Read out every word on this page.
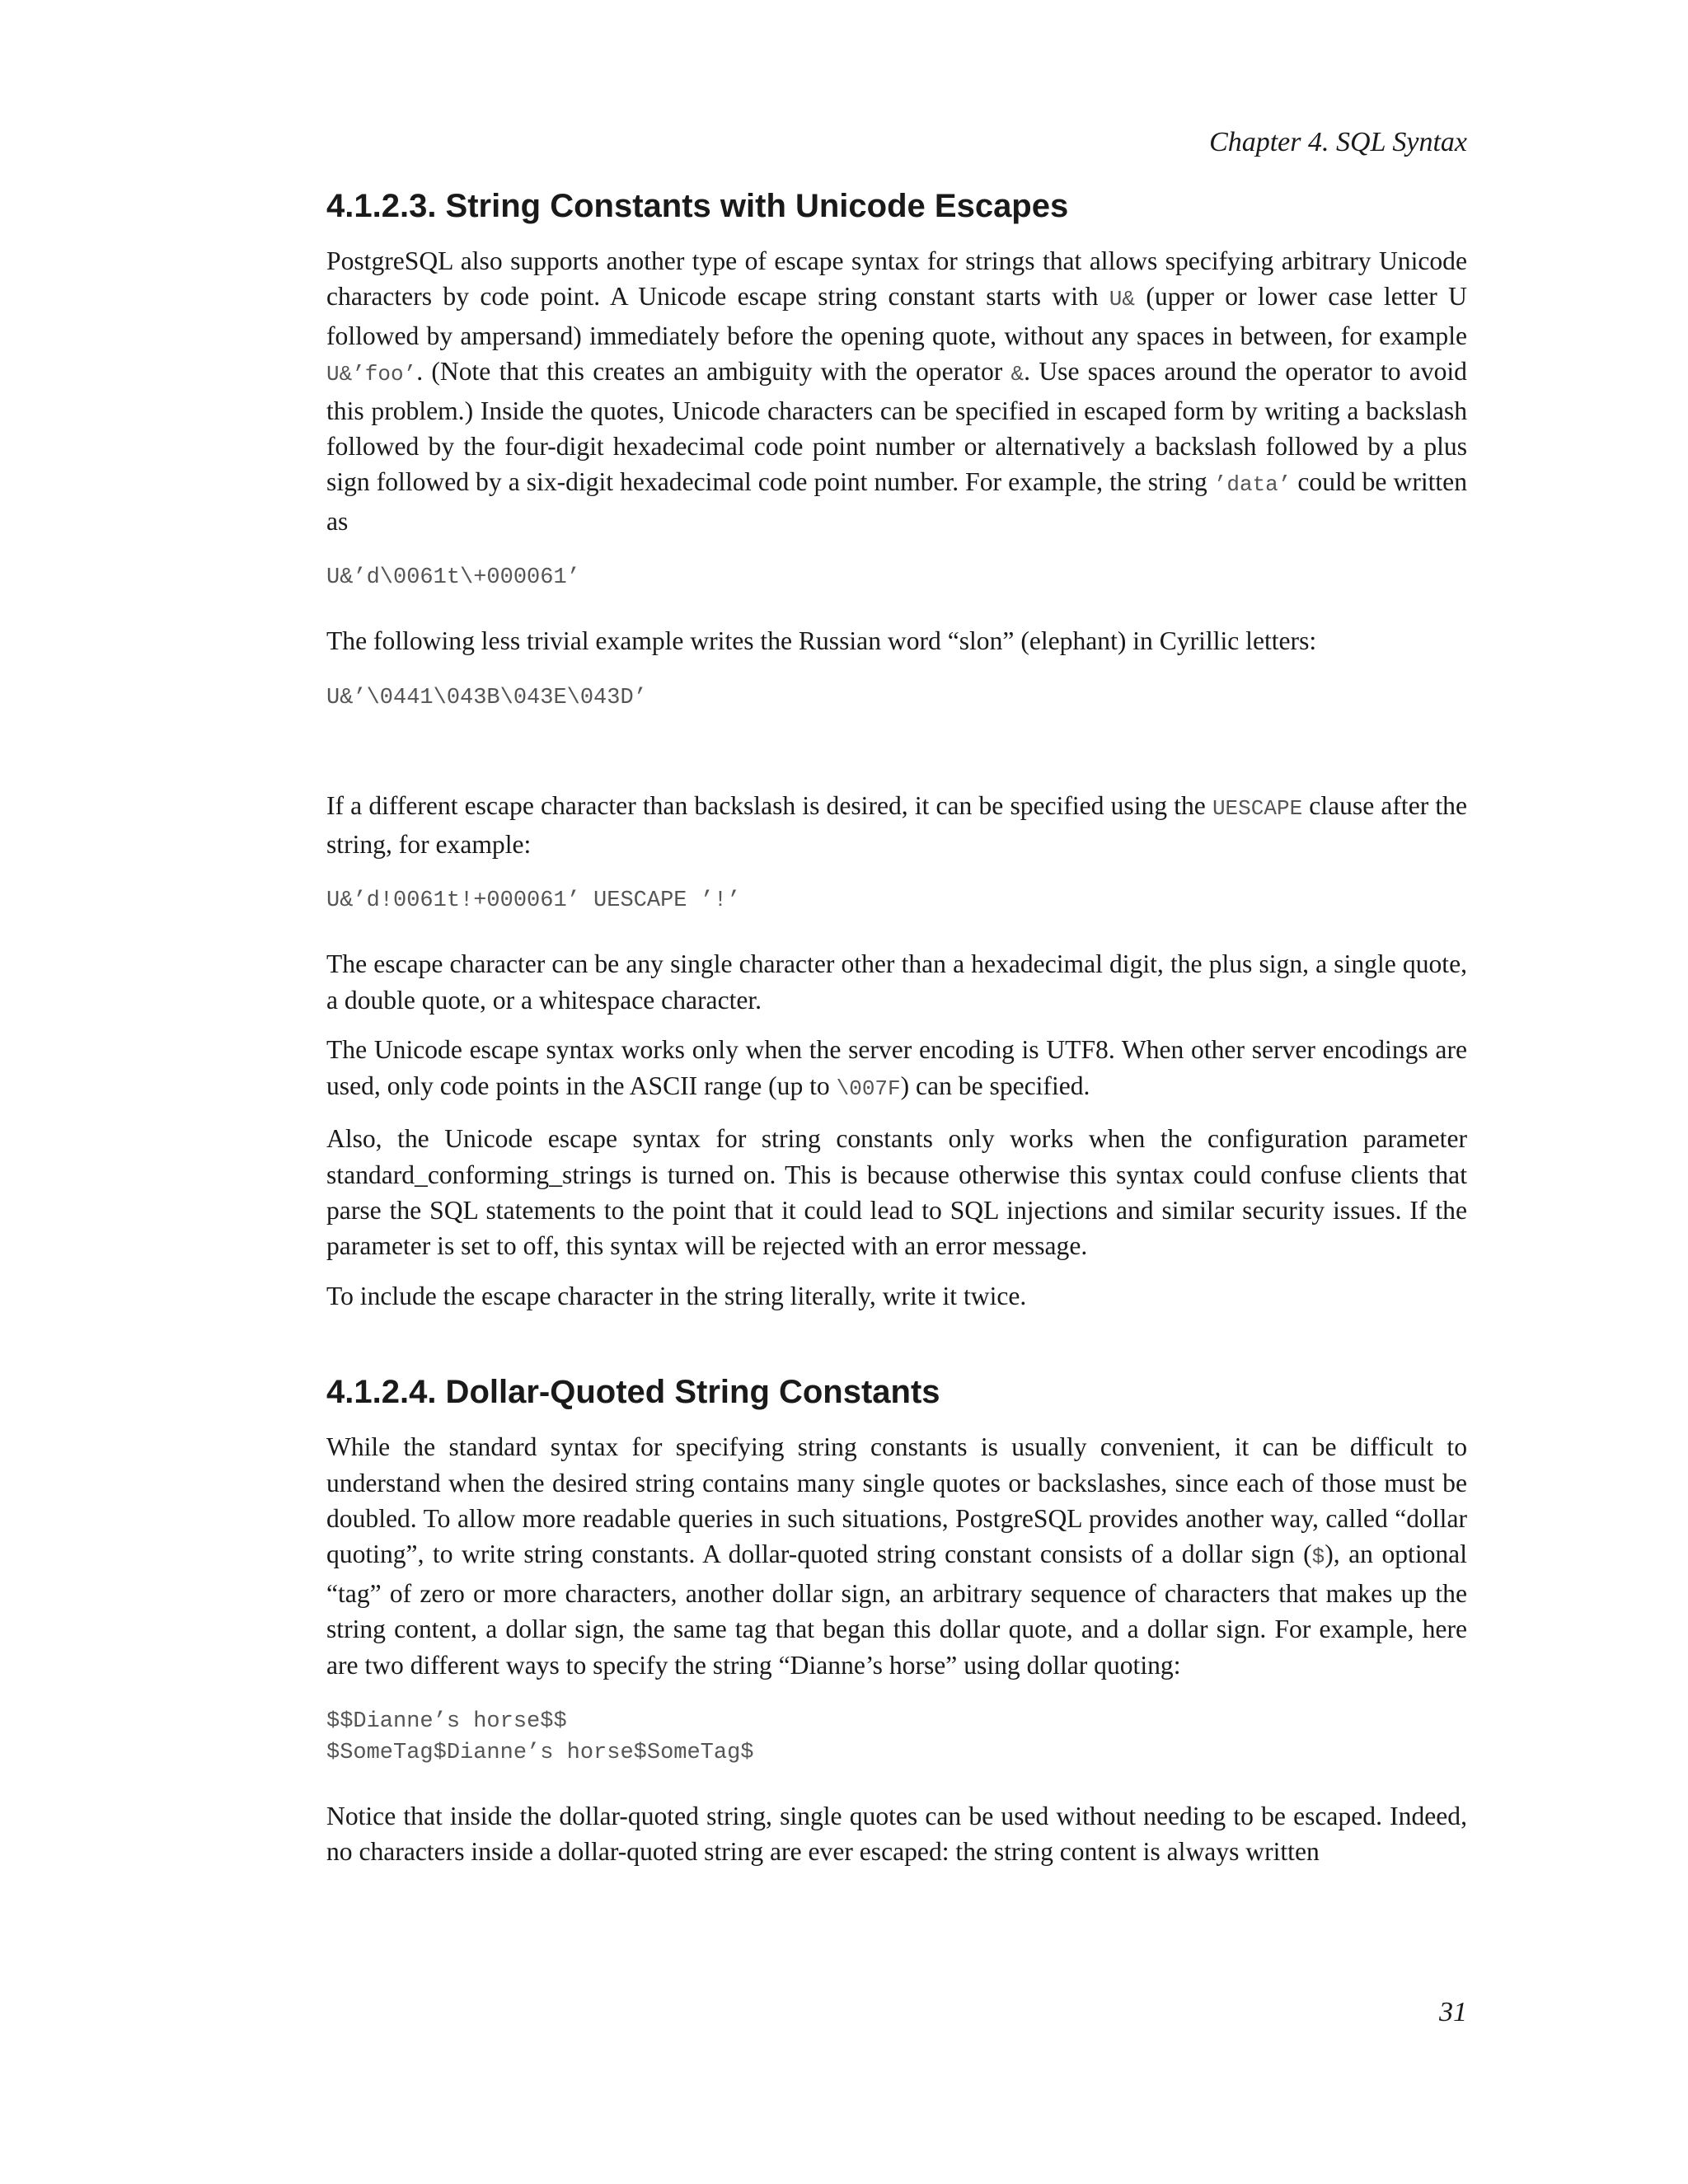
Chapter 4. SQL Syntax
4.1.2.3. String Constants with Unicode Escapes

PostgreSQL also supports another type of escape syntax for strings that allows specifying arbitrary Unicode characters by code point. A Unicode escape string constant starts with U& (upper or lower case letter U followed by ampersand) immediately before the opening quote, without any spaces in between, for example U&’foo’. (Note that this creates an ambiguity with the operator &. Use spaces around the operator to avoid this problem.) Inside the quotes, Unicode characters can be specified in escaped form by writing a backslash followed by the four-digit hexadecimal code point number or alternatively a backslash followed by a plus sign followed by a six-digit hexadecimal code point number. For example, the string ’data’ could be written as

U&’d\0061t\+000061’

The following less trivial example writes the Russian word “slon” (elephant) in Cyrillic letters:

U&’\0441\043B\043E\043D’

If a different escape character than backslash is desired, it can be specified using the UESCAPE clause after the string, for example:

U&’d!0061t!+000061’ UESCAPE ’!’

The escape character can be any single character other than a hexadecimal digit, the plus sign, a single quote, a double quote, or a whitespace character.

The Unicode escape syntax works only when the server encoding is UTF8. When other server encodings are used, only code points in the ASCII range (up to \007F) can be specified.

Also, the Unicode escape syntax for string constants only works when the configuration parameter standard_conforming_strings is turned on. This is because otherwise this syntax could confuse clients that parse the SQL statements to the point that it could lead to SQL injections and similar security issues. If the parameter is set to off, this syntax will be rejected with an error message.

To include the escape character in the string literally, write it twice.

4.1.2.4. Dollar-Quoted String Constants

While the standard syntax for specifying string constants is usually convenient, it can be difficult to understand when the desired string contains many single quotes or backslashes, since each of those must be doubled. To allow more readable queries in such situations, PostgreSQL provides another way, called “dollar quoting”, to write string constants. A dollar-quoted string constant consists of a dollar sign ($), an optional “tag” of zero or more characters, another dollar sign, an arbitrary sequence of characters that makes up the string content, a dollar sign, the same tag that began this dollar quote, and a dollar sign. For example, here are two different ways to specify the string “Dianne’s horse” using dollar quoting:

$$Dianne’s horse$$
$SomeTag$Dianne’s horse$SomeTag$

Notice that inside the dollar-quoted string, single quotes can be used without needing to be escaped. Indeed, no characters inside a dollar-quoted string are ever escaped: the string content is always written

31
